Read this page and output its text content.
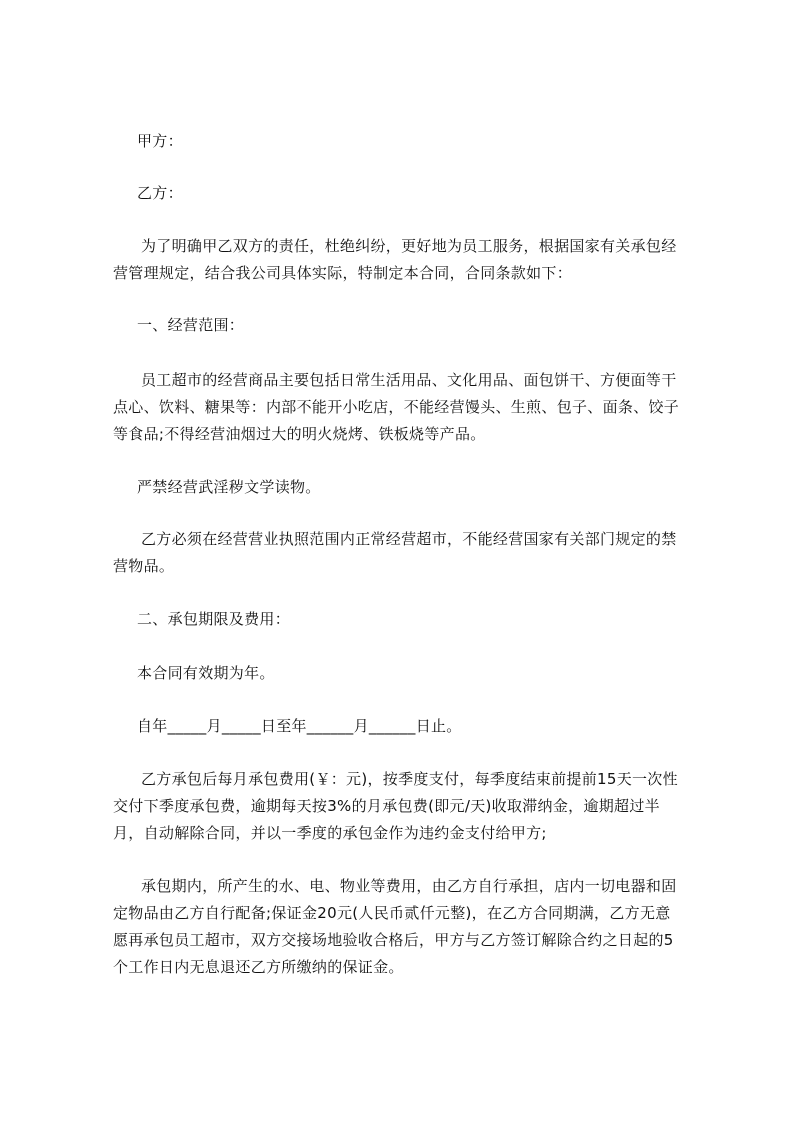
甲方：

乙方：

为了明确甲乙双方的责任，杜绝纠纷，更好地为员工服务，根据国家有关承包经营管理规定，结合我公司具体实际，特制定本合同，合同条款如下：

一、经营范围：

员工超市的经营商品主要包括日常生活用品、文化用品、面包饼干、方便面等干点心、饮料、糖果等：内部不能开小吃店，不能经营馒头、生煎、包子、面条、饺子等食品;不得经营油烟过大的明火烧烤、铁板烧等产品。

严禁经营武淫秽文学读物。

乙方必须在经营营业执照范围内正常经营超市，不能经营国家有关部门规定的禁营物品。

二、承包期限及费用：

本合同有效期为年。

自年_____月_____日至年______月______日止。

乙方承包后每月承包费用(￥：元)，按季度支付，每季度结束前提前15天一次性交付下季度承包费，逾期每天按3%的月承包费(即元/天)收取滞纳金，逾期超过半月，自动解除合同，并以一季度的承包金作为违约金支付给甲方;

承包期内，所产生的水、电、物业等费用，由乙方自行承担，店内一切电器和固定物品由乙方自行配备;保证金20元(人民币贰仟元整)，在乙方合同期满，乙方无意愿再承包员工超市，双方交接场地验收合格后，甲方与乙方签订解除合约之日起的5个工作日内无息退还乙方所缴纳的保证金。
